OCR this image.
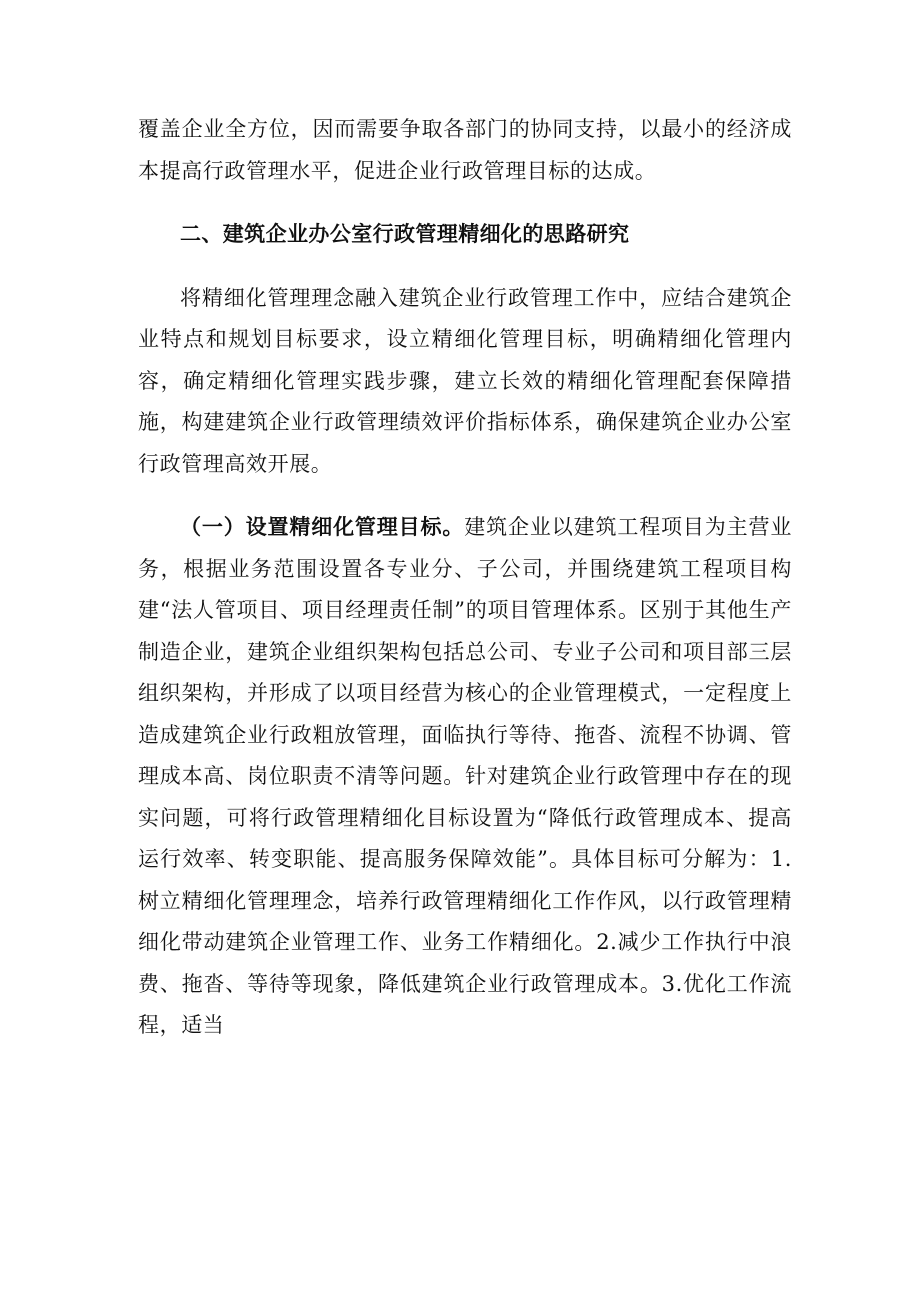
覆盖企业全方位，因而需要争取各部门的协同支持，以最小的经济成本提高行政管理水平，促进企业行政管理目标的达成。

二、建筑企业办公室行政管理精细化的思路研究

将精细化管理理念融入建筑企业行政管理工作中，应结合建筑企业特点和规划目标要求，设立精细化管理目标，明确精细化管理内容，确定精细化管理实践步骤，建立长效的精细化管理配套保障措施，构建建筑企业行政管理绩效评价指标体系，确保建筑企业办公室行政管理高效开展。

（一）设置精细化管理目标。建筑企业以建筑工程项目为主营业务，根据业务范围设置各专业分、子公司，并围绕建筑工程项目构建“法人管项目、项目经理责任制”的项目管理体系。区别于其他生产制造企业，建筑企业组织架构包括总公司、专业子公司和项目部三层组织架构，并形成了以项目经营为核心的企业管理模式，一定程度上造成建筑企业行政粗放管理，面临执行等待、拖沓、流程不协调、管理成本高、岗位职责不清等问题。针对建筑企业行政管理中存在的现实问题，可将行政管理精细化目标设置为“降低行政管理成本、提高运行效率、转变职能、提高服务保障效能”。具体目标可分解为：1.树立精细化管理理念，培养行政管理精细化工作作风，以行政管理精细化带动建筑企业管理工作、业务工作精细化。2.减少工作执行中浪费、拖沓、等待等现象，降低建筑企业行政管理成本。3.优化工作流程，适当
